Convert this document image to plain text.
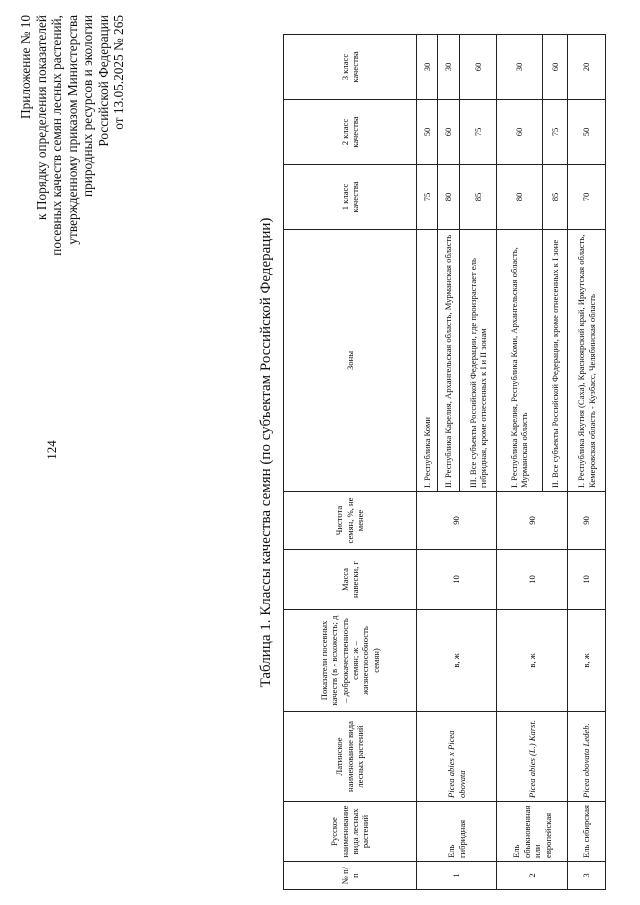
124
Приложение № 10 к Порядку определения показателей посевных качеств семян лесных растений, утвержденному приказом Министерства природных ресурсов и экологии Российской Федерации от 13.05.2025 № 265
Таблица 1. Классы качества семян (по субъектам Российской Федерации)
№ п/п	Русское наименование вида лесных растений	Латинское наименование вида лесных растений	Показатели посевных качеств (в - всхожесть; д – доброкачественность семян; ж – жизнеспособность семян)	Масса навески, г	Чистота семян, %, не менее	Зоны	1 класс качества	2 класс качества	3 класс качества
1	Ель гибридная	Picea abies x Picea obovata	в, ж	10	90	I. Республика Коми	75	50	30
						II. Республика Карелия, Архангельская область, Мурманская область	80	60	30
						III. Все субъекты Российской Федерации, где произрастает ель гибридная, кроме отнесенных к I и II зонам	85	75	60
2	Ель обыкновенная или европейская	Picea abies (L.) Karst.	в, ж	10	90	I. Республика Карелия, Республика Коми, Архангельская область, Мурманская область	80	60	30
						II. Все субъекты Российской Федерации, кроме отнесенных к I зоне	85	75	60
3	Ель сибирская	Picea obovata Ledeb.	в, ж	10	90	I. Республика Якутия (Саха), Красноярский край, Иркутская область, Кемеровская область - Кузбасс, Челябинская область	70	50	20
